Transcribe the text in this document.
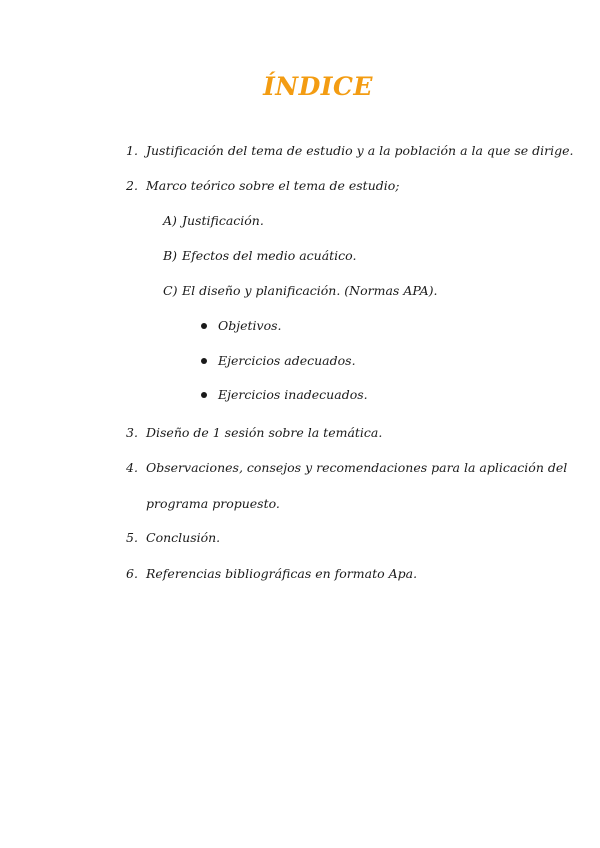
ÍNDICE
1. Justificación del tema de estudio y a la población a la que se dirige.
2. Marco teórico sobre el tema de estudio;
A) Justificación.
B) Efectos del medio acuático.
C) El diseño y planificación. (Normas APA).
Objetivos.
Ejercicios adecuados.
Ejercicios inadecuados.
3. Diseño de 1 sesión sobre la temática.
4. Observaciones, consejos y recomendaciones para la aplicación del
programa propuesto.
5. Conclusión.
6. Referencias bibliográficas en formato Apa.
